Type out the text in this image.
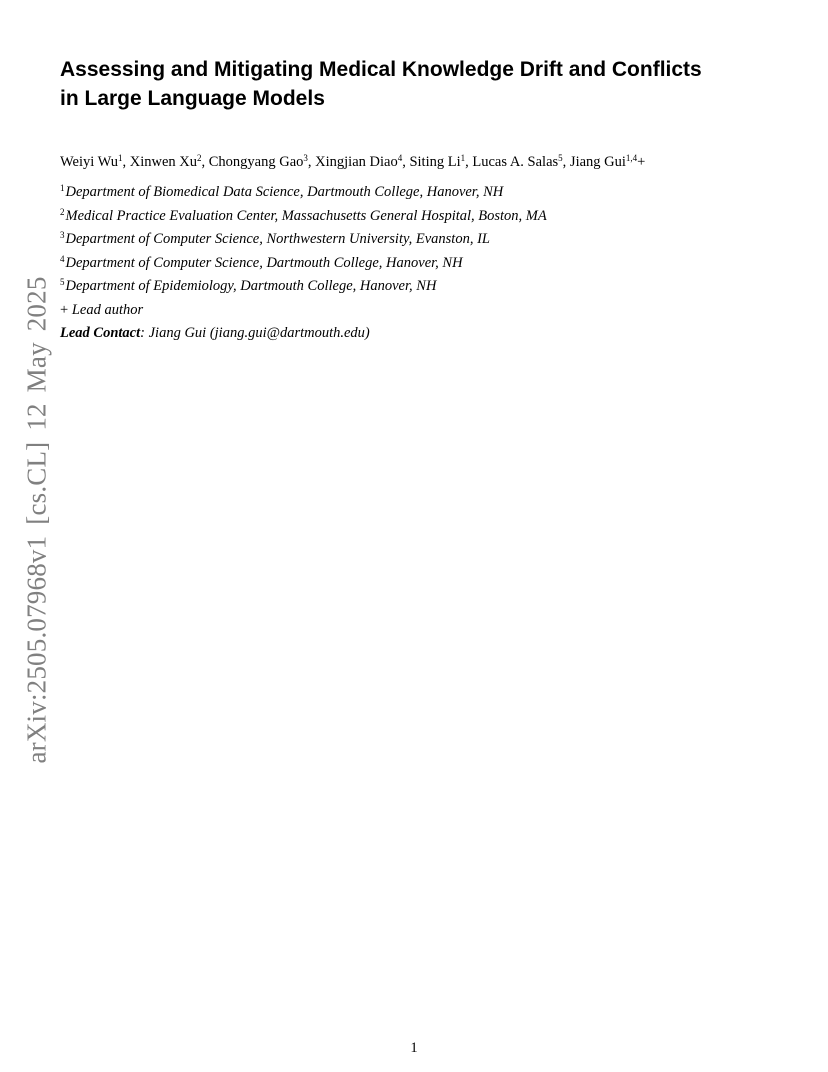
Assessing and Mitigating Medical Knowledge Drift and Conflicts
in Large Language Models
Weiyi Wu$^1$, Xinwen Xu$^2$, Chongyang Gao$^3$, Xingjian Diao$^4$, Siting Li$^1$, Lucas A. Salas$^5$, Jiang Gui$^{1,4}$+
$^1$Department of Biomedical Data Science, Dartmouth College, Hanover, NH
$^2$Medical Practice Evaluation Center, Massachusetts General Hospital, Boston, MA
$^3$Department of Computer Science, Northwestern University, Evanston, IL
$^4$Department of Computer Science, Dartmouth College, Hanover, NH
$^5$Department of Epidemiology, Dartmouth College, Hanover, NH
+ Lead author
Lead Contact: Jiang Gui (jiang.gui@dartmouth.edu)
arXiv:2505.07968v1 [cs.CL] 12 May 2025
1
